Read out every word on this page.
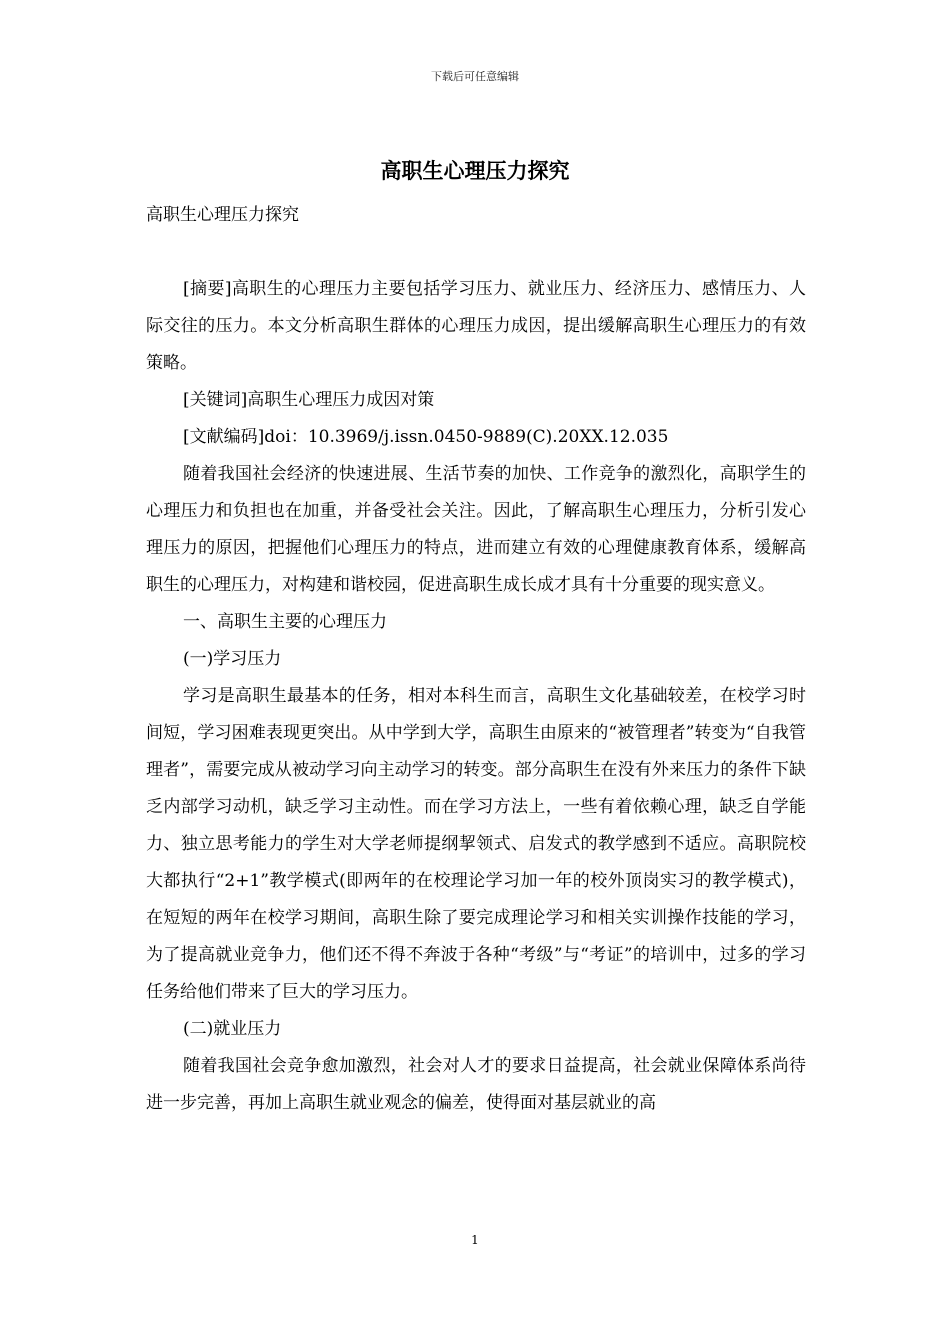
下载后可任意编辑
高职生心理压力探究

高职生心理压力探究

[摘要]高职生的心理压力主要包括学习压力、就业压力、经济压力、感情压力、人际交往的压力。本文分析高职生群体的心理压力成因，提出缓解高职生心理压力的有效策略。

[关键词]高职生心理压力成因对策

[文献编码]doi：10.3969/j.issn.0450-9889(C).20XX.12.035

随着我国社会经济的快速进展、生活节奏的加快、工作竞争的激烈化，高职学生的心理压力和负担也在加重，并备受社会关注。因此，了解高职生心理压力，分析引发心理压力的原因，把握他们心理压力的特点，进而建立有效的心理健康教育体系，缓解高职生的心理压力，对构建和谐校园，促进高职生成长成才具有十分重要的现实意义。

一、高职生主要的心理压力

(一)学习压力

学习是高职生最基本的任务，相对本科生而言，高职生文化基础较差，在校学习时间短，学习困难表现更突出。从中学到大学，高职生由原来的“被管理者”转变为“自我管理者”，需要完成从被动学习向主动学习的转变。部分高职生在没有外来压力的条件下缺乏内部学习动机，缺乏学习主动性。而在学习方法上，一些有着依赖心理，缺乏自学能力、独立思考能力的学生对大学老师提纲挈领式、启发式的教学感到不适应。高职院校大都执行“2+1”教学模式(即两年的在校理论学习加一年的校外顶岗实习的教学模式)，在短短的两年在校学习期间，高职生除了要完成理论学习和相关实训操作技能的学习，为了提高就业竞争力，他们还不得不奔波于各种“考级”与“考证”的培训中，过多的学习任务给他们带来了巨大的学习压力。

(二)就业压力

随着我国社会竞争愈加激烈，社会对人才的要求日益提高，社会就业保障体系尚待进一步完善，再加上高职生就业观念的偏差，使得面对基层就业的高

1
